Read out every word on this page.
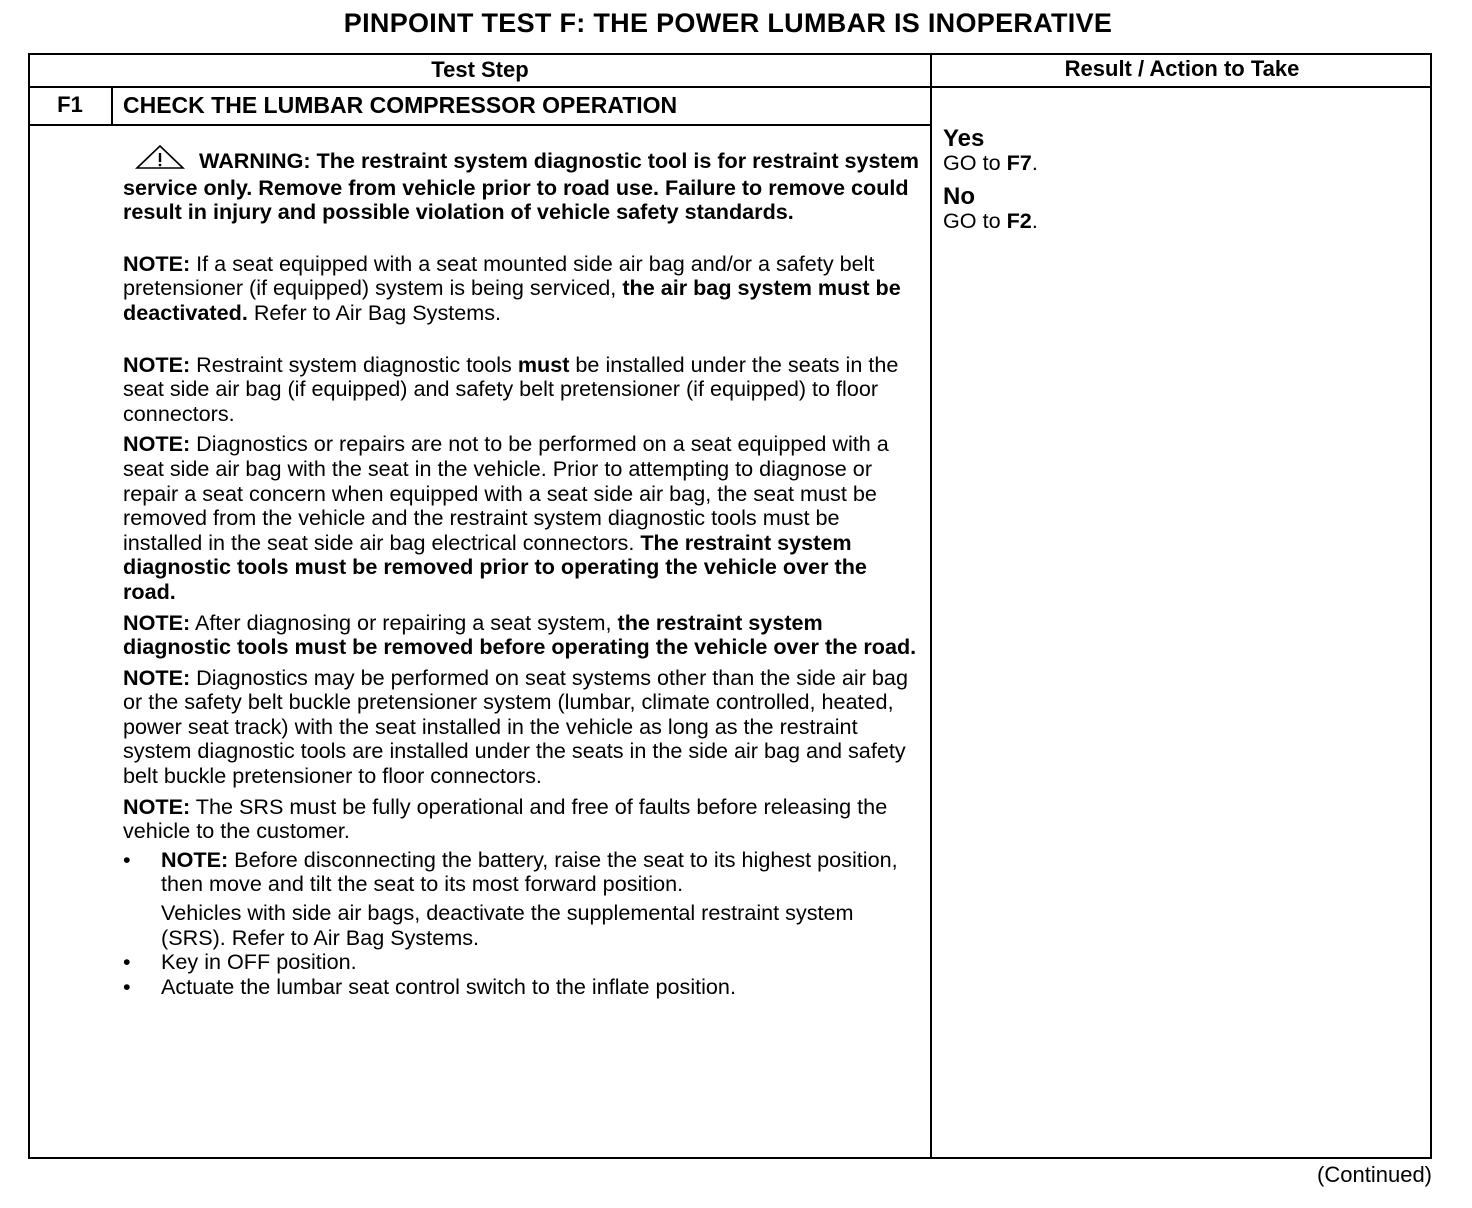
PINPOINT TEST F: THE POWER LUMBAR IS INOPERATIVE
Test Step	Result / Action to Take
F1	CHECK THE LUMBAR COMPRESSOR OPERATION

WARNING: The restraint system diagnostic tool is for restraint system service only. Remove from vehicle prior to road use. Failure to remove could result in injury and possible violation of vehicle safety standards.

NOTE: If a seat equipped with a seat mounted side air bag and/or a safety belt pretensioner (if equipped) system is being serviced, the air bag system must be deactivated. Refer to Air Bag Systems.

NOTE: Restraint system diagnostic tools must be installed under the seats in the seat side air bag (if equipped) and safety belt pretensioner (if equipped) to floor connectors.

NOTE: Diagnostics or repairs are not to be performed on a seat equipped with a seat side air bag with the seat in the vehicle. Prior to attempting to diagnose or repair a seat concern when equipped with a seat side air bag, the seat must be removed from the vehicle and the restraint system diagnostic tools must be installed in the seat side air bag electrical connectors. The restraint system diagnostic tools must be removed prior to operating the vehicle over the road.

NOTE: After diagnosing or repairing a seat system, the restraint system diagnostic tools must be removed before operating the vehicle over the road.

NOTE: Diagnostics may be performed on seat systems other than the side air bag or the safety belt buckle pretensioner system (lumbar, climate controlled, heated, power seat track) with the seat installed in the vehicle as long as the restraint system diagnostic tools are installed under the seats in the side air bag and safety belt buckle pretensioner to floor connectors.

NOTE: The SRS must be fully operational and free of faults before releasing the vehicle to the customer.

• NOTE: Before disconnecting the battery, raise the seat to its highest position, then move and tilt the seat to its most forward position.
Vehicles with side air bags, deactivate the supplemental restraint system (SRS). Refer to Air Bag Systems.
• Key in OFF position.
• Actuate the lumbar seat control switch to the inflate position.
Yes
GO to F7.
No
GO to F2.
(Continued)
